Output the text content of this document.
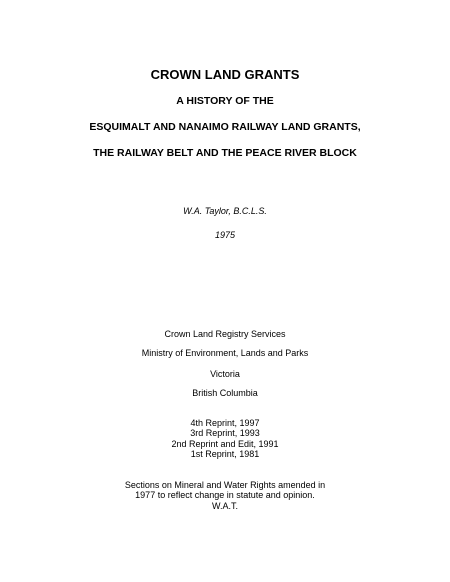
CROWN LAND GRANTS
A HISTORY OF THE
ESQUIMALT AND NANAIMO RAILWAY LAND GRANTS,
THE RAILWAY BELT AND THE PEACE RIVER BLOCK
W.A. Taylor, B.C.L.S.
1975
Crown Land Registry Services
Ministry of Environment, Lands and Parks
Victoria
British Columbia
4th Reprint, 1997
3rd Reprint, 1993
2nd Reprint and Edit, 1991
1st Reprint, 1981
Sections on Mineral and Water Rights amended in
1977 to reflect change in statute and opinion.
W.A.T.
